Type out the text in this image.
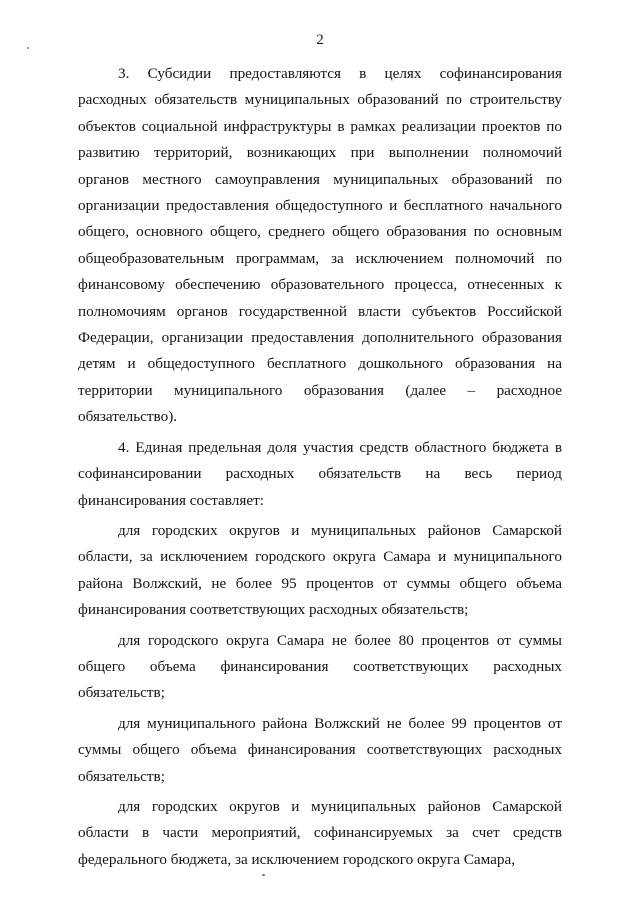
2

3. Субсидии предоставляются в целях софинансирования расходных обязательств муниципальных образований по строительству объектов социальной инфраструктуры в рамках реализации проектов по развитию территорий, возникающих при выполнении полномочий органов местного самоуправления муниципальных образований по организации предоставления общедоступного и бесплатного начального общего, основного общего, среднего общего образования по основным общеобразовательным программам, за исключением полномочий по финансовому обеспечению образовательного процесса, отнесенных к полномочиям органов государственной власти субъектов Российской Федерации, организации предоставления дополнительного образования детям и общедоступного бесплатного дошкольного образования на территории муниципального образования (далее – расходное обязательство).

4. Единая предельная доля участия средств областного бюджета в софинансировании расходных обязательств на весь период финансирования составляет:

для городских округов и муниципальных районов Самарской области, за исключением городского округа Самара и муниципального района Волжский, не более 95 процентов от суммы общего объема финансирования соответствующих расходных обязательств;

для городского округа Самара не более 80 процентов от суммы общего объема финансирования соответствующих расходных обязательств;

для муниципального района Волжский не более 99 процентов от суммы общего объема финансирования соответствующих расходных обязательств;

для городских округов и муниципальных районов Самарской области в части мероприятий, софинансируемых за счет средств федерального бюджета, за исключением городского округа Самара,
